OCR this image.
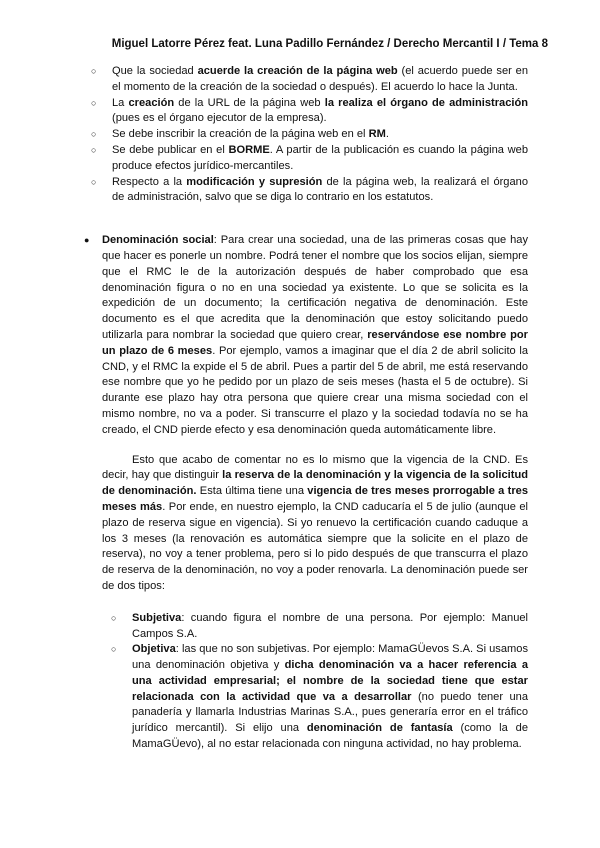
Miguel Latorre Pérez feat. Luna Padillo Fernández / Derecho Mercantil I / Tema 8
○ Que la sociedad acuerde la creación de la página web (el acuerdo puede ser en el momento de la creación de la sociedad o después). El acuerdo lo hace la Junta.
○ La creación de la URL de la página web la realiza el órgano de administración (pues es el órgano ejecutor de la empresa).
○ Se debe inscribir la creación de la página web en el RM.
○ Se debe publicar en el BORME. A partir de la publicación es cuando la página web produce efectos jurídico-mercantiles.
○ Respecto a la modificación y supresión de la página web, la realizará el órgano de administración, salvo que se diga lo contrario en los estatutos.
● Denominación social: Para crear una sociedad, una de las primeras cosas que hay que hacer es ponerle un nombre. Podrá tener el nombre que los socios elijan, siempre que el RMC le de la autorización después de haber comprobado que esa denominación figura o no en una sociedad ya existente. Lo que se solicita es la expedición de un documento; la certificación negativa de denominación. Este documento es el que acredita que la denominación que estoy solicitando puedo utilizarla para nombrar la sociedad que quiero crear, reservándose ese nombre por un plazo de 6 meses. Por ejemplo, vamos a imaginar que el día 2 de abril solicito la CND, y el RMC la expide el 5 de abril. Pues a partir del 5 de abril, me está reservando ese nombre que yo he pedido por un plazo de seis meses (hasta el 5 de octubre). Si durante ese plazo hay otra persona que quiere crear una misma sociedad con el mismo nombre, no va a poder. Si transcurre el plazo y la sociedad todavía no se ha creado, el CND pierde efecto y esa denominación queda automáticamente libre.
Esto que acabo de comentar no es lo mismo que la vigencia de la CND. Es decir, hay que distinguir la reserva de la denominación y la vigencia de la solicitud de denominación. Esta última tiene una vigencia de tres meses prorrogable a tres meses más. Por ende, en nuestro ejemplo, la CND caducaría el 5 de julio (aunque el plazo de reserva sigue en vigencia). Si yo renuevo la certificación cuando caduque a los 3 meses (la renovación es automática siempre que la solicite en el plazo de reserva), no voy a tener problema, pero si lo pido después de que transcurra el plazo de reserva de la denominación, no voy a poder renovarla. La denominación puede ser de dos tipos:
○ Subjetiva: cuando figura el nombre de una persona. Por ejemplo: Manuel Campos S.A.
○ Objetiva: las que no son subjetivas. Por ejemplo: MamaGÜevos S.A. Si usamos una denominación objetiva y dicha denominación va a hacer referencia a una actividad empresarial; el nombre de la sociedad tiene que estar relacionada con la actividad que va a desarrollar (no puedo tener una panadería y llamarla Industrias Marinas S.A., pues generaría error en el tráfico jurídico mercantil). Si elijo una denominación de fantasía (como la de MamaGÜevo), al no estar relacionada con ninguna actividad, no hay problema.
